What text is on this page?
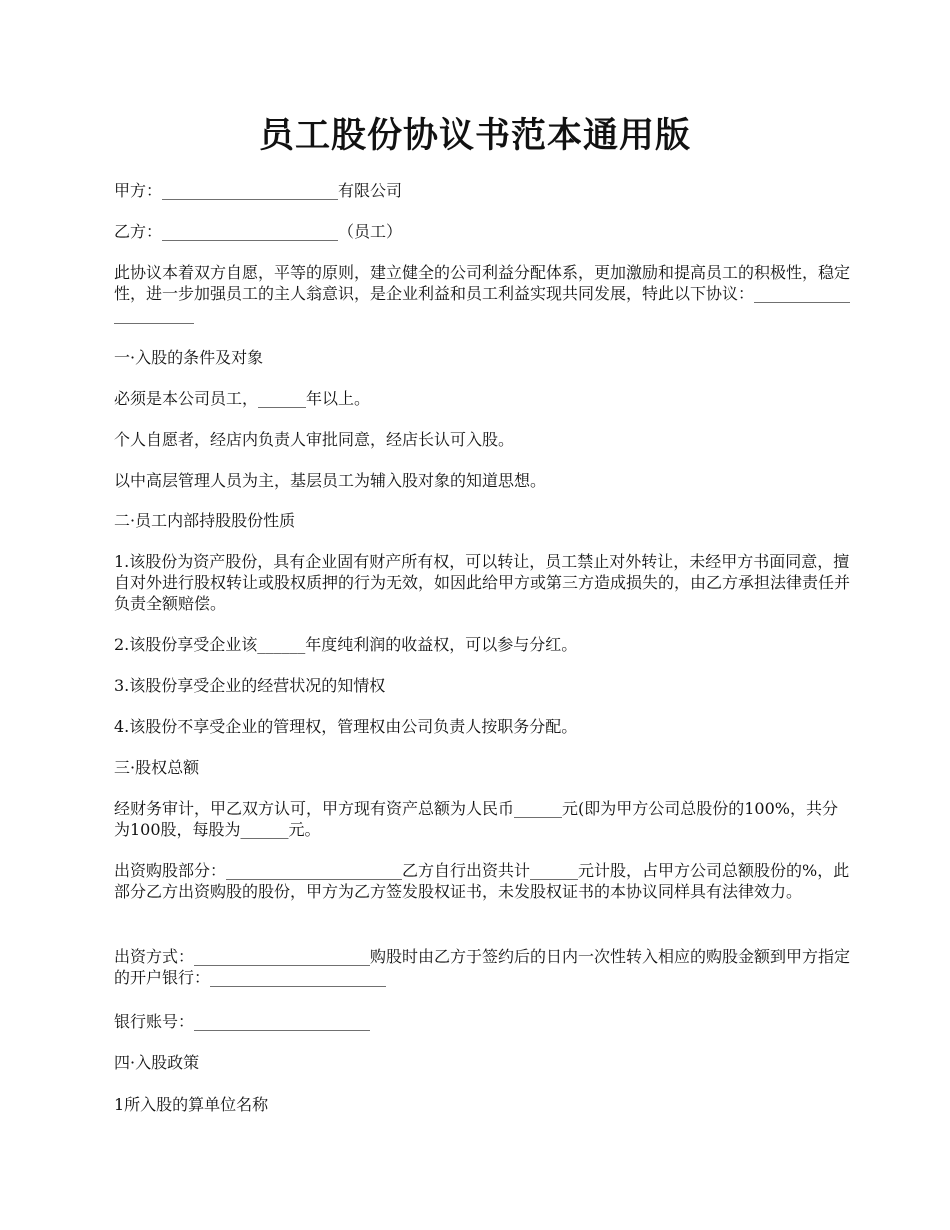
员工股份协议书范本通用版

甲方：______________________有限公司

乙方：______________________（员工）

此协议本着双方自愿，平等的原则，建立健全的公司利益分配体系，更加激励和提高员工的积极性，稳定性，进一步加强员工的主人翁意识，是企业利益和员工利益实现共同发展，特此以下协议：______________________

一·入股的条件及对象

必须是本公司员工，______年以上。

个人自愿者，经店内负责人审批同意，经店长认可入股。

以中高层管理人员为主，基层员工为辅入股对象的知道思想。

二·员工内部持股股份性质

1.该股份为资产股份，具有企业固有财产所有权，可以转让，员工禁止对外转让，未经甲方书面同意，擅自对外进行股权转让或股权质押的行为无效，如因此给甲方或第三方造成损失的，由乙方承担法律责任并负责全额赔偿。

2.该股份享受企业该______年度纯利润的收益权，可以参与分红。

3.该股份享受企业的经营状况的知情权

4.该股份不享受企业的管理权，管理权由公司负责人按职务分配。

三·股权总额

经财务审计，甲乙双方认可，甲方现有资产总额为人民币______元(即为甲方公司总股份的100%，共分为100股，每股为______元。

出资购股部分：______________________乙方自行出资共计______元计股，占甲方公司总额股份的%，此部分乙方出资购股的股份，甲方为乙方签发股权证书，未发股权证书的本协议同样具有法律效力。

出资方式：______________________购股时由乙方于签约后的日内一次性转入相应的购股金额到甲方指定的开户银行：______________________

银行账号：______________________

四·入股政策

1所入股的算单位名称
